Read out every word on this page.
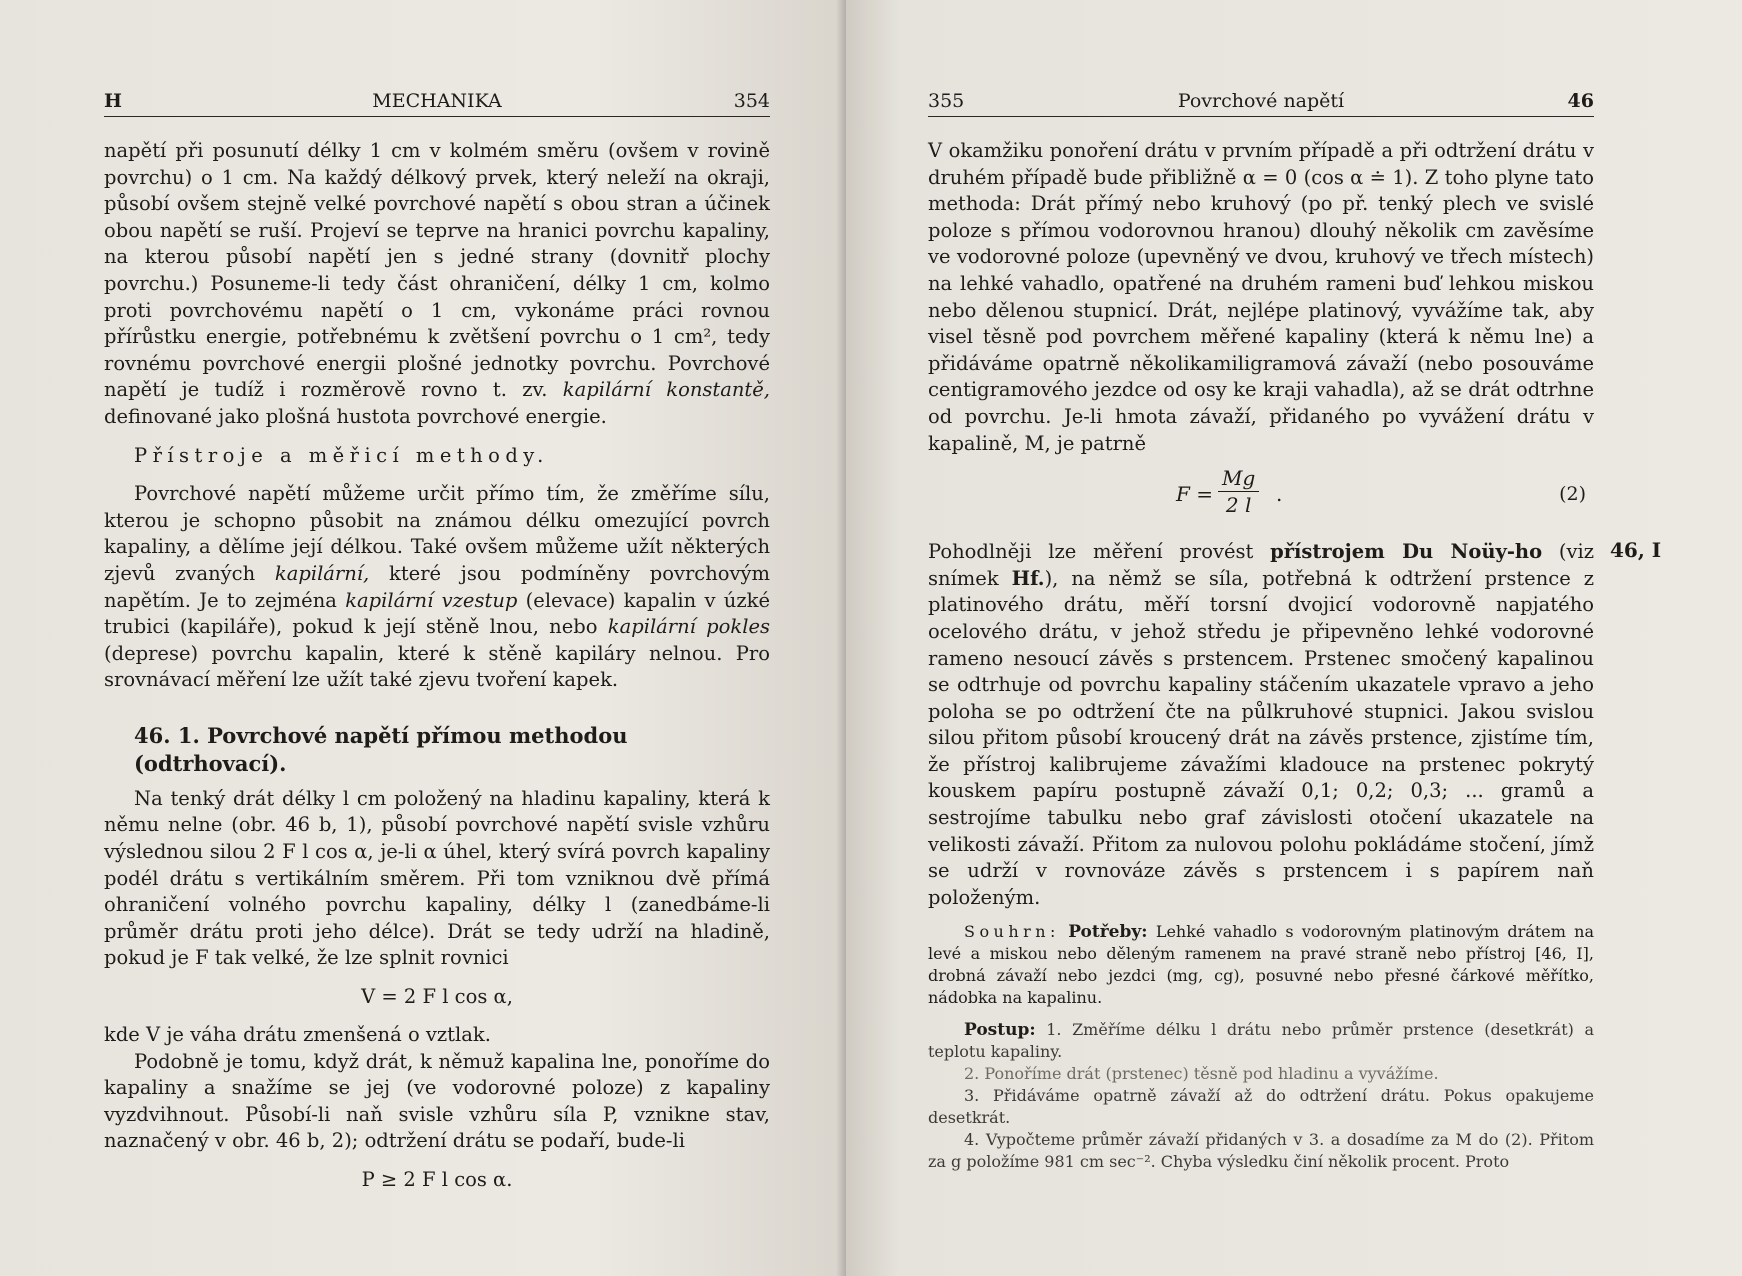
H	MECHANIKA	354

napětí při posunutí délky 1 cm v kolmém směru (ovšem v rovině povrchu) o 1 cm. Na každý délkový prvek, který neleží na okraji, působí ovšem stejně velké povrchové napětí s obou stran a účinek obou napětí se ruší. Projeví se teprve na hranici povrchu kapaliny, na kterou působí napětí jen s jedné strany (dovnitř plochy povrchu.) Posuneme-li tedy část ohraničení, délky 1 cm, kolmo proti povrchovému napětí o 1 cm, vykonáme práci rovnou přírůstku energie, potřebnému k zvětšení povrchu o 1 cm², tedy rovnému povrchové energii plošné jednotky povrchu. Povrchové napětí je tudíž i rozměrově rovno t. zv. kapilární konstantě, definované jako plošná hustota povrchové energie.

Přístroje a měřicí methody.

Povrchové napětí můžeme určit přímo tím, že změříme sílu, kterou je schopno působit na známou délku omezující povrch kapaliny, a dělíme její délkou. Také ovšem můžeme užít některých zjevů zvaných kapilární, které jsou podmíněny povrchovým napětím. Je to zejména kapilární vzestup (elevace) kapalin v úzké trubici (kapiláře), pokud k její stěně lnou, nebo kapilární pokles (deprese) povrchu kapalin, které k stěně kapiláry nelnou. Pro srovnávací měření lze užít také zjevu tvoření kapek.

46. 1. Povrchové napětí přímou methodou (odtrhovací).

Na tenký drát délky l cm položený na hladinu kapaliny, která k němu nelne (obr. 46 b, 1), působí povrchové napětí svisle vzhůru výslednou silou 2 F l cos α, je-li α úhel, který svírá povrch kapaliny podél drátu s vertikálním směrem. Při tom vzniknou dvě přímá ohraničení volného povrchu kapaliny, délky l (zanedbáme-li průměr drátu proti jeho délce). Drát se tedy udrží na hladině, pokud je F tak velké, že lze splnit rovnici

V = 2 F l cos α,

kde V je váha drátu zmenšená o vztlak.

Podobně je tomu, když drát, k němuž kapalina lne, ponoříme do kapaliny a snažíme se jej (ve vodorovné poloze) z kapaliny vyzdvihnout. Působí-li naň svisle vzhůru síla P, vznikne stav, naznačený v obr. 46 b, 2); odtržení drátu se podaří, bude-li

P ≥ 2 F l cos α.
355	Povrchové napětí	46

V okamžiku ponoření drátu v prvním případě a při odtržení drátu v druhém případě bude přibližně α = 0 (cos α ≐ 1). Z toho plyne tato methoda: Drát přímý nebo kruhový (po př. tenký plech ve svislé poloze s přímou vodorovnou hranou) dlouhý několik cm zavěsíme ve vodorovné poloze (upevněný ve dvou, kruhový ve třech místech) na lehké vahadlo, opatřené na druhém rameni buď lehkou miskou nebo dělenou stupnicí. Drát, nejlépe platinový, vyvážíme tak, aby visel těsně pod povrchem měřené kapaliny (která k němu lne) a přidáváme opatrně několikamiligramová závaží (nebo posouváme centigramového jezdce od osy ke kraji vahadla), až se drát odtrhne od povrchu. Je-li hmota závaží, přidaného po vyvážení drátu v kapalině, M, je patrně

$F = \frac{Mg}{2 l}$ .	(2)

Pohodlněji lze měření provést přístrojem Du Noüy-ho (viz snímek Hf.), na němž se síla, potřebná k odtržení prstence z platinového drátu, měří torsní dvojicí vodorovně napjatého ocelového drátu, v jehož středu je připevněno lehké vodorovné rameno nesoucí závěs s prstencem. Prstenec smočený kapalinou se odtrhuje od povrchu kapaliny stáčením ukazatele vpravo a jeho poloha se po odtržení čte na půlkruhové stupnici. Jakou svislou silou přitom působí kroucený drát na závěs prstence, zjistíme tím, že přístroj kalibrujeme závažími kladouce na prstenec pokrytý kouskem papíru postupně závaží 0,1; 0,2; 0,3; ... gramů a sestrojíme tabulku nebo graf závislosti otočení ukazatele na velikosti závaží. Přitom za nulovou polohu pokládáme stočení, jímž se udrží v rovnováze závěs s prstencem i s papírem naň položeným.

Souhrn: Potřeby: Lehké vahadlo s vodorovným platinovým drátem na levé a miskou nebo děleným ramenem na pravé straně nebo přístroj [46, I], drobná závaží nebo jezdci (mg, cg), posuvné nebo přesné čárkové měřítko, nádobka na kapalinu.

Postup: 1. Změříme délku l drátu nebo průměr prstence (desetkrát) a teplotu kapaliny.

2. Ponoříme drát (prstenec) těsně pod hladinu a vyvážíme.

3. Přidáváme opatrně závaží až do odtržení drátu. Pokus opakujeme desetkrát.

4. Vypočteme průměr závaží přidaných v 3. a dosadíme za M do (2). Přitom za g položíme 981 cm sec⁻². Chyba výsledku činí několik procent. Proto

46, I
